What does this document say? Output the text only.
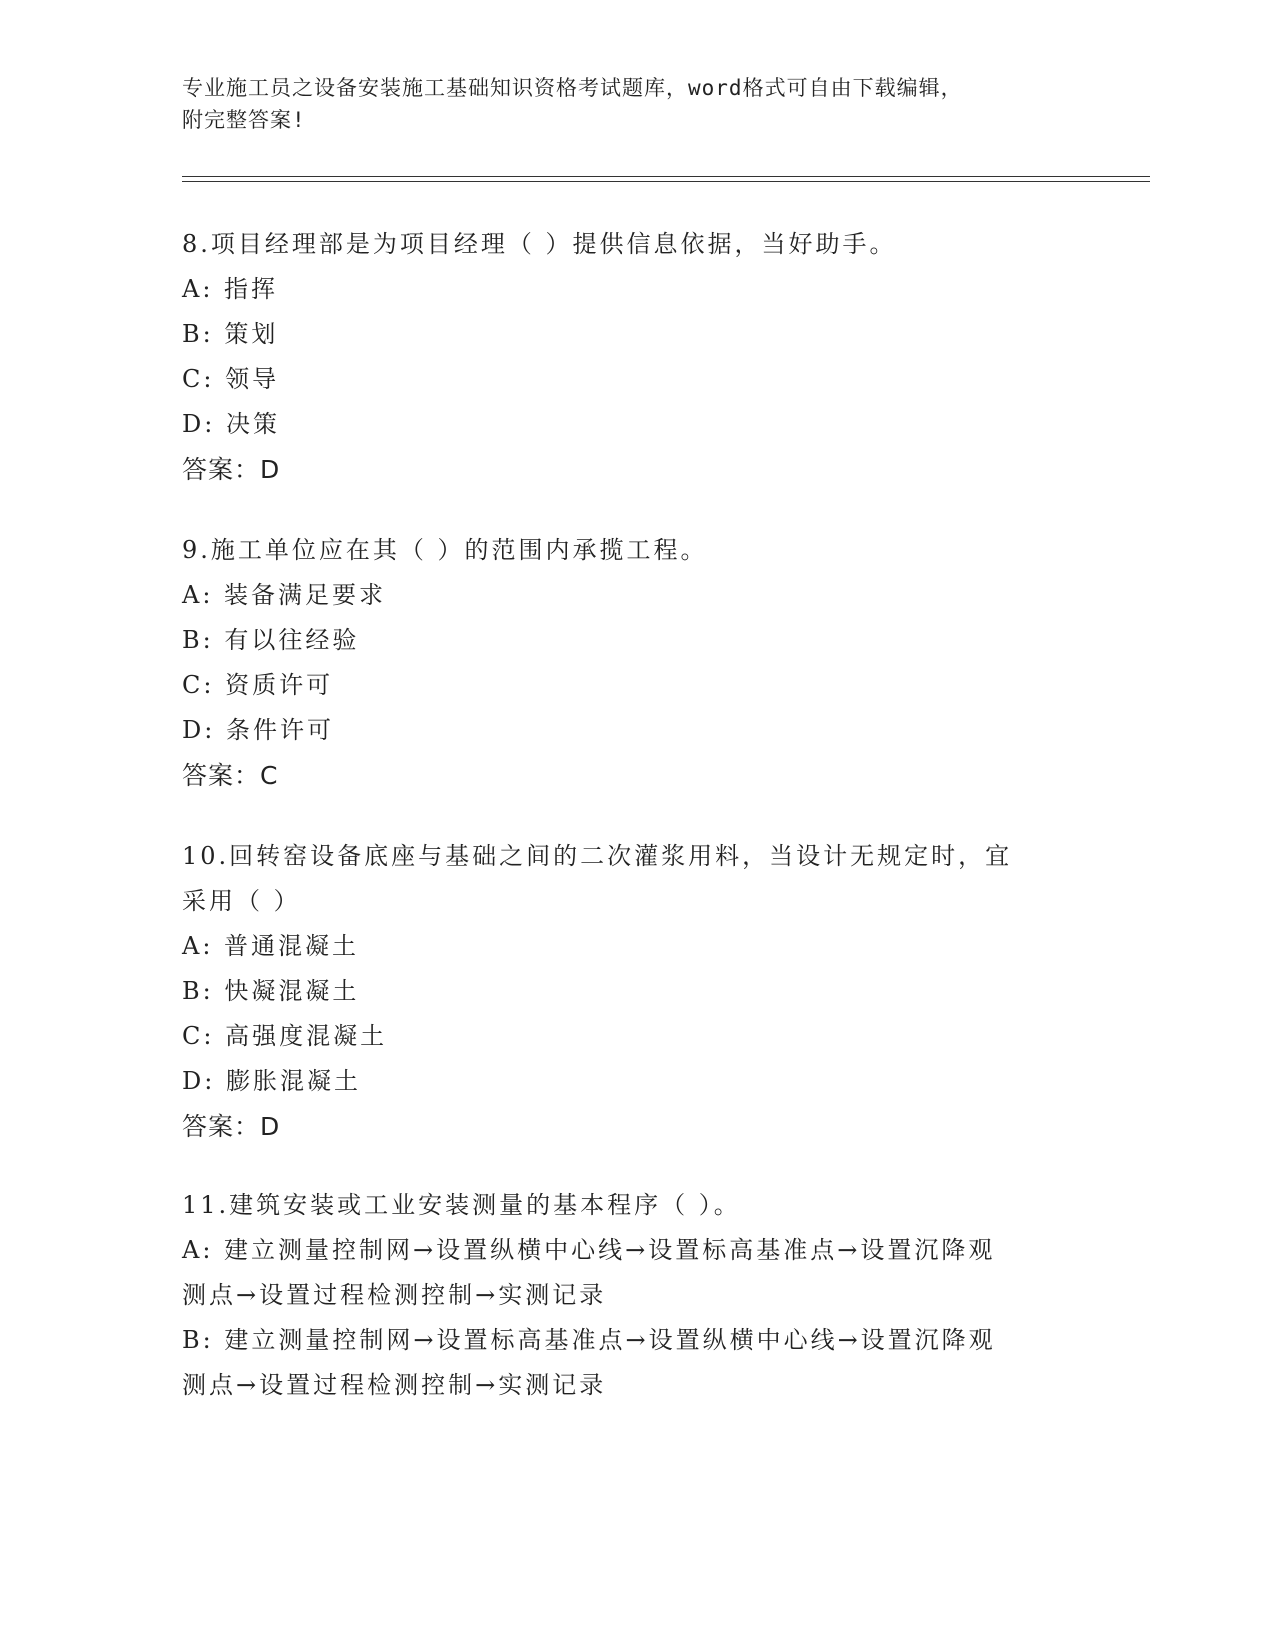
专业施工员之设备安装施工基础知识资格考试题库，word格式可自由下载编辑，
附完整答案!
8.项目经理部是为项目经理（ ）提供信息依据，当好助手。
A: 指挥
B: 策划
C: 领导
D: 决策
答案：D
9.施工单位应在其（ ）的范围内承揽工程。
A: 装备满足要求
B: 有以往经验
C: 资质许可
D: 条件许可
答案：C
10.回转窑设备底座与基础之间的二次灌浆用料，当设计无规定时，宜
采用（ ）
A: 普通混凝土
B: 快凝混凝土
C: 高强度混凝土
D: 膨胀混凝土
答案：D
11.建筑安装或工业安装测量的基本程序（ ）。
A: 建立测量控制网→设置纵横中心线→设置标高基准点→设置沉降观
测点→设置过程检测控制→实测记录
B: 建立测量控制网→设置标高基准点→设置纵横中心线→设置沉降观
测点→设置过程检测控制→实测记录
